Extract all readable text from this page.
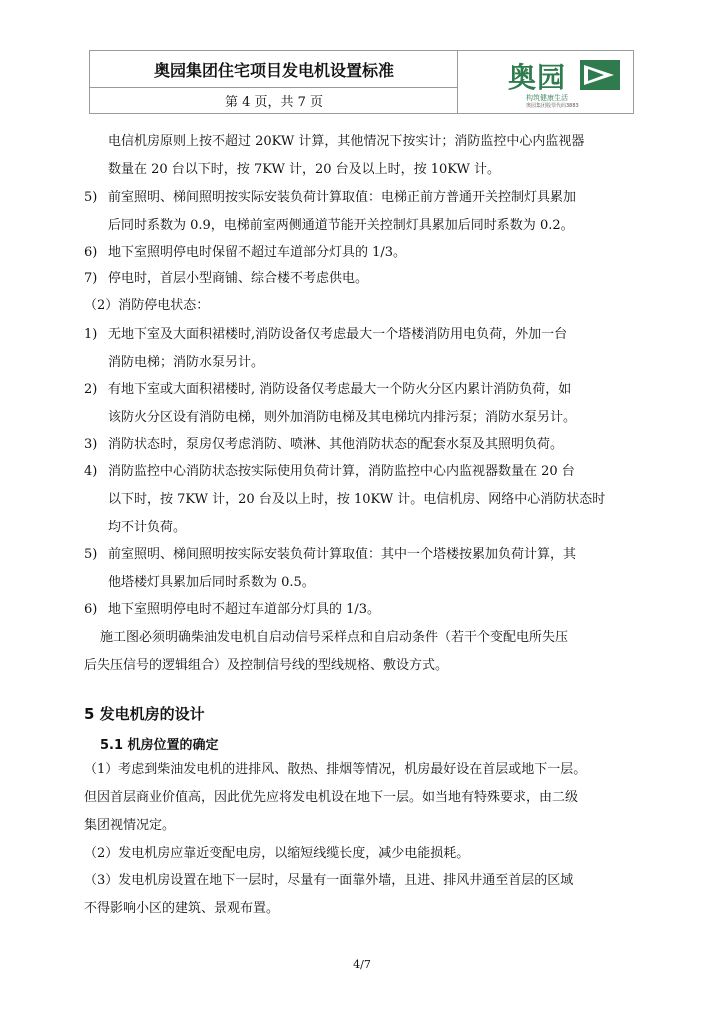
奥园集团住宅项目发电机设置标准
第 4 页，共 7 页
奥园
构筑健康生活
奥园集团股票代码3883
电信机房原则上按不超过 20KW 计算，其他情况下按实计；消防监控中心内监视器
数量在 20 台以下时，按 7KW 计，20 台及以上时，按 10KW 计。
5) 前室照明、梯间照明按实际安装负荷计算取值：电梯正前方普通开关控制灯具累加
后同时系数为 0.9，电梯前室两侧通道节能开关控制灯具累加后同时系数为 0.2。
6) 地下室照明停电时保留不超过车道部分灯具的 1/3。
7) 停电时，首层小型商铺、综合楼不考虑供电。
（2）消防停电状态：
1) 无地下室及大面积裙楼时,消防设备仅考虑最大一个塔楼消防用电负荷，外加一台
消防电梯；消防水泵另计。
2) 有地下室或大面积裙楼时, 消防设备仅考虑最大一个防火分区内累计消防负荷，如
该防火分区设有消防电梯，则外加消防电梯及其电梯坑内排污泵；消防水泵另计。
3) 消防状态时，泵房仅考虑消防、喷淋、其他消防状态的配套水泵及其照明负荷。
4) 消防监控中心消防状态按实际使用负荷计算，消防监控中心内监视器数量在 20 台
以下时，按 7KW 计，20 台及以上时，按 10KW 计。电信机房、网络中心消防状态时
均不计负荷。
5) 前室照明、梯间照明按实际安装负荷计算取值：其中一个塔楼按累加负荷计算，其
他塔楼灯具累加后同时系数为 0.5。
6) 地下室照明停电时不超过车道部分灯具的 1/3。
施工图必须明确柴油发电机自启动信号采样点和自启动条件（若干个变配电所失压
后失压信号的逻辑组合）及控制信号线的型线规格、敷设方式。
5 发电机房的设计
5.1 机房位置的确定
（1）考虑到柴油发电机的进排风、散热、排烟等情况，机房最好设在首层或地下一层。
但因首层商业价值高，因此优先应将发电机设在地下一层。如当地有特殊要求，由二级
集团视情况定。
（2）发电机房应靠近变配电房，以缩短线缆长度，减少电能损耗。
（3）发电机房设置在地下一层时，尽量有一面靠外墙，且进、排风井通至首层的区域
不得影响小区的建筑、景观布置。
4/7
